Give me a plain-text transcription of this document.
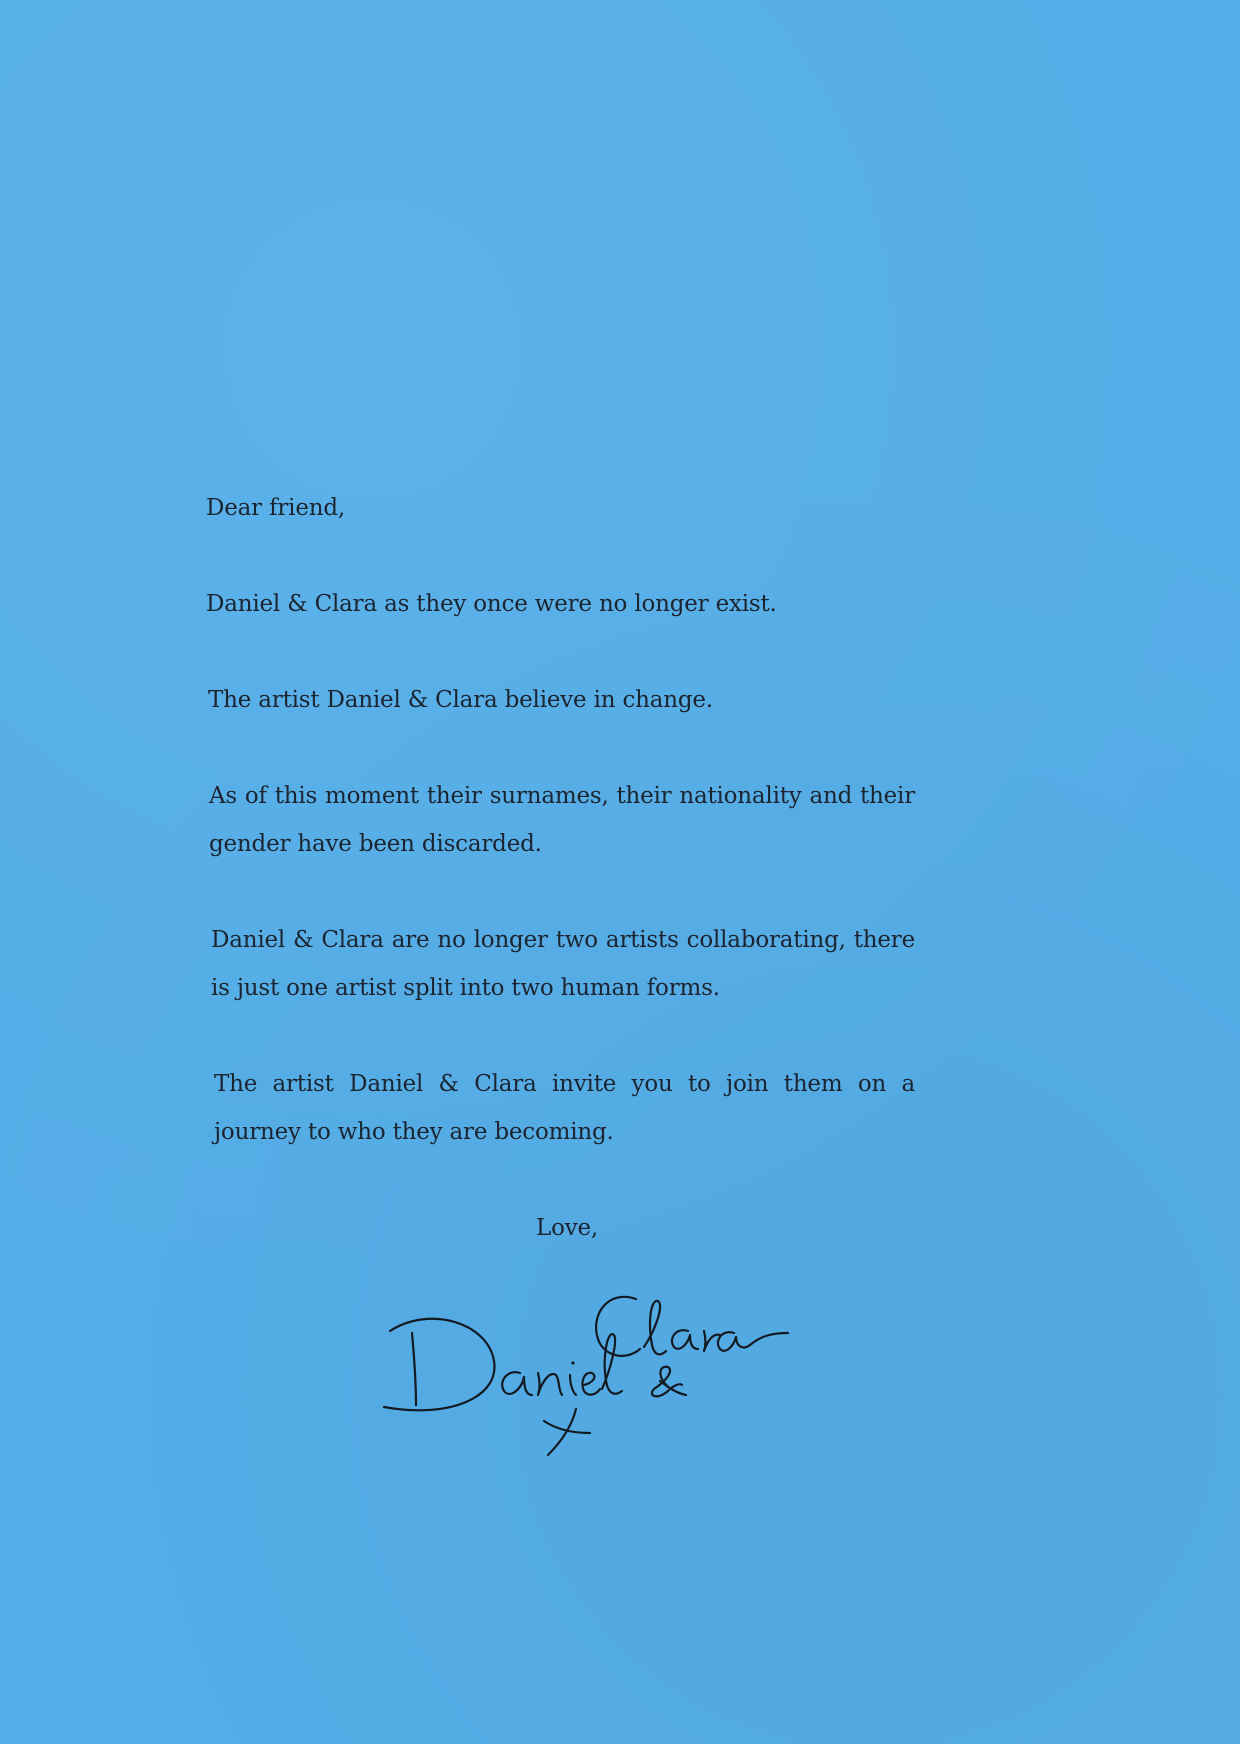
Dear friend,
Daniel & Clara as they once were no longer exist.
The artist Daniel & Clara believe in change.
As of this moment their surnames, their nationality and their gender have been discarded.
Daniel & Clara are no longer two artists collaborating, there is just one artist split into two human forms.
The artist Daniel & Clara invite you to join them on a journey to who they are becoming.
Love,
